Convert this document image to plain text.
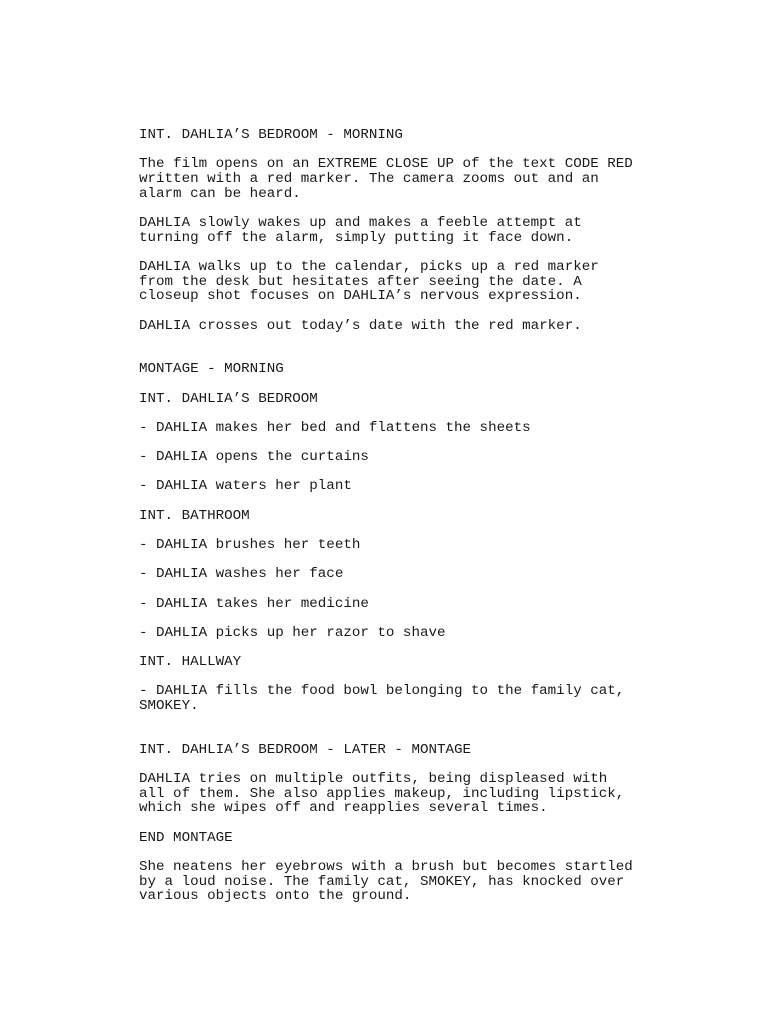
INT. DAHLIA’S BEDROOM - MORNING

The film opens on an EXTREME CLOSE UP of the text CODE RED
written with a red marker. The camera zooms out and an
alarm can be heard.

DAHLIA slowly wakes up and makes a feeble attempt at
turning off the alarm, simply putting it face down.

DAHLIA walks up to the calendar, picks up a red marker
from the desk but hesitates after seeing the date. A
closeup shot focuses on DAHLIA’s nervous expression.

DAHLIA crosses out today’s date with the red marker.

MONTAGE - MORNING

INT. DAHLIA’S BEDROOM

- DAHLIA makes her bed and flattens the sheets

- DAHLIA opens the curtains

- DAHLIA waters her plant

INT. BATHROOM

- DAHLIA brushes her teeth

- DAHLIA washes her face

- DAHLIA takes her medicine

- DAHLIA picks up her razor to shave

INT. HALLWAY

- DAHLIA fills the food bowl belonging to the family cat,
SMOKEY.

INT. DAHLIA’S BEDROOM - LATER - MONTAGE

DAHLIA tries on multiple outfits, being displeased with
all of them. She also applies makeup, including lipstick,
which she wipes off and reapplies several times.

END MONTAGE

She neatens her eyebrows with a brush but becomes startled
by a loud noise. The family cat, SMOKEY, has knocked over
various objects onto the ground.
